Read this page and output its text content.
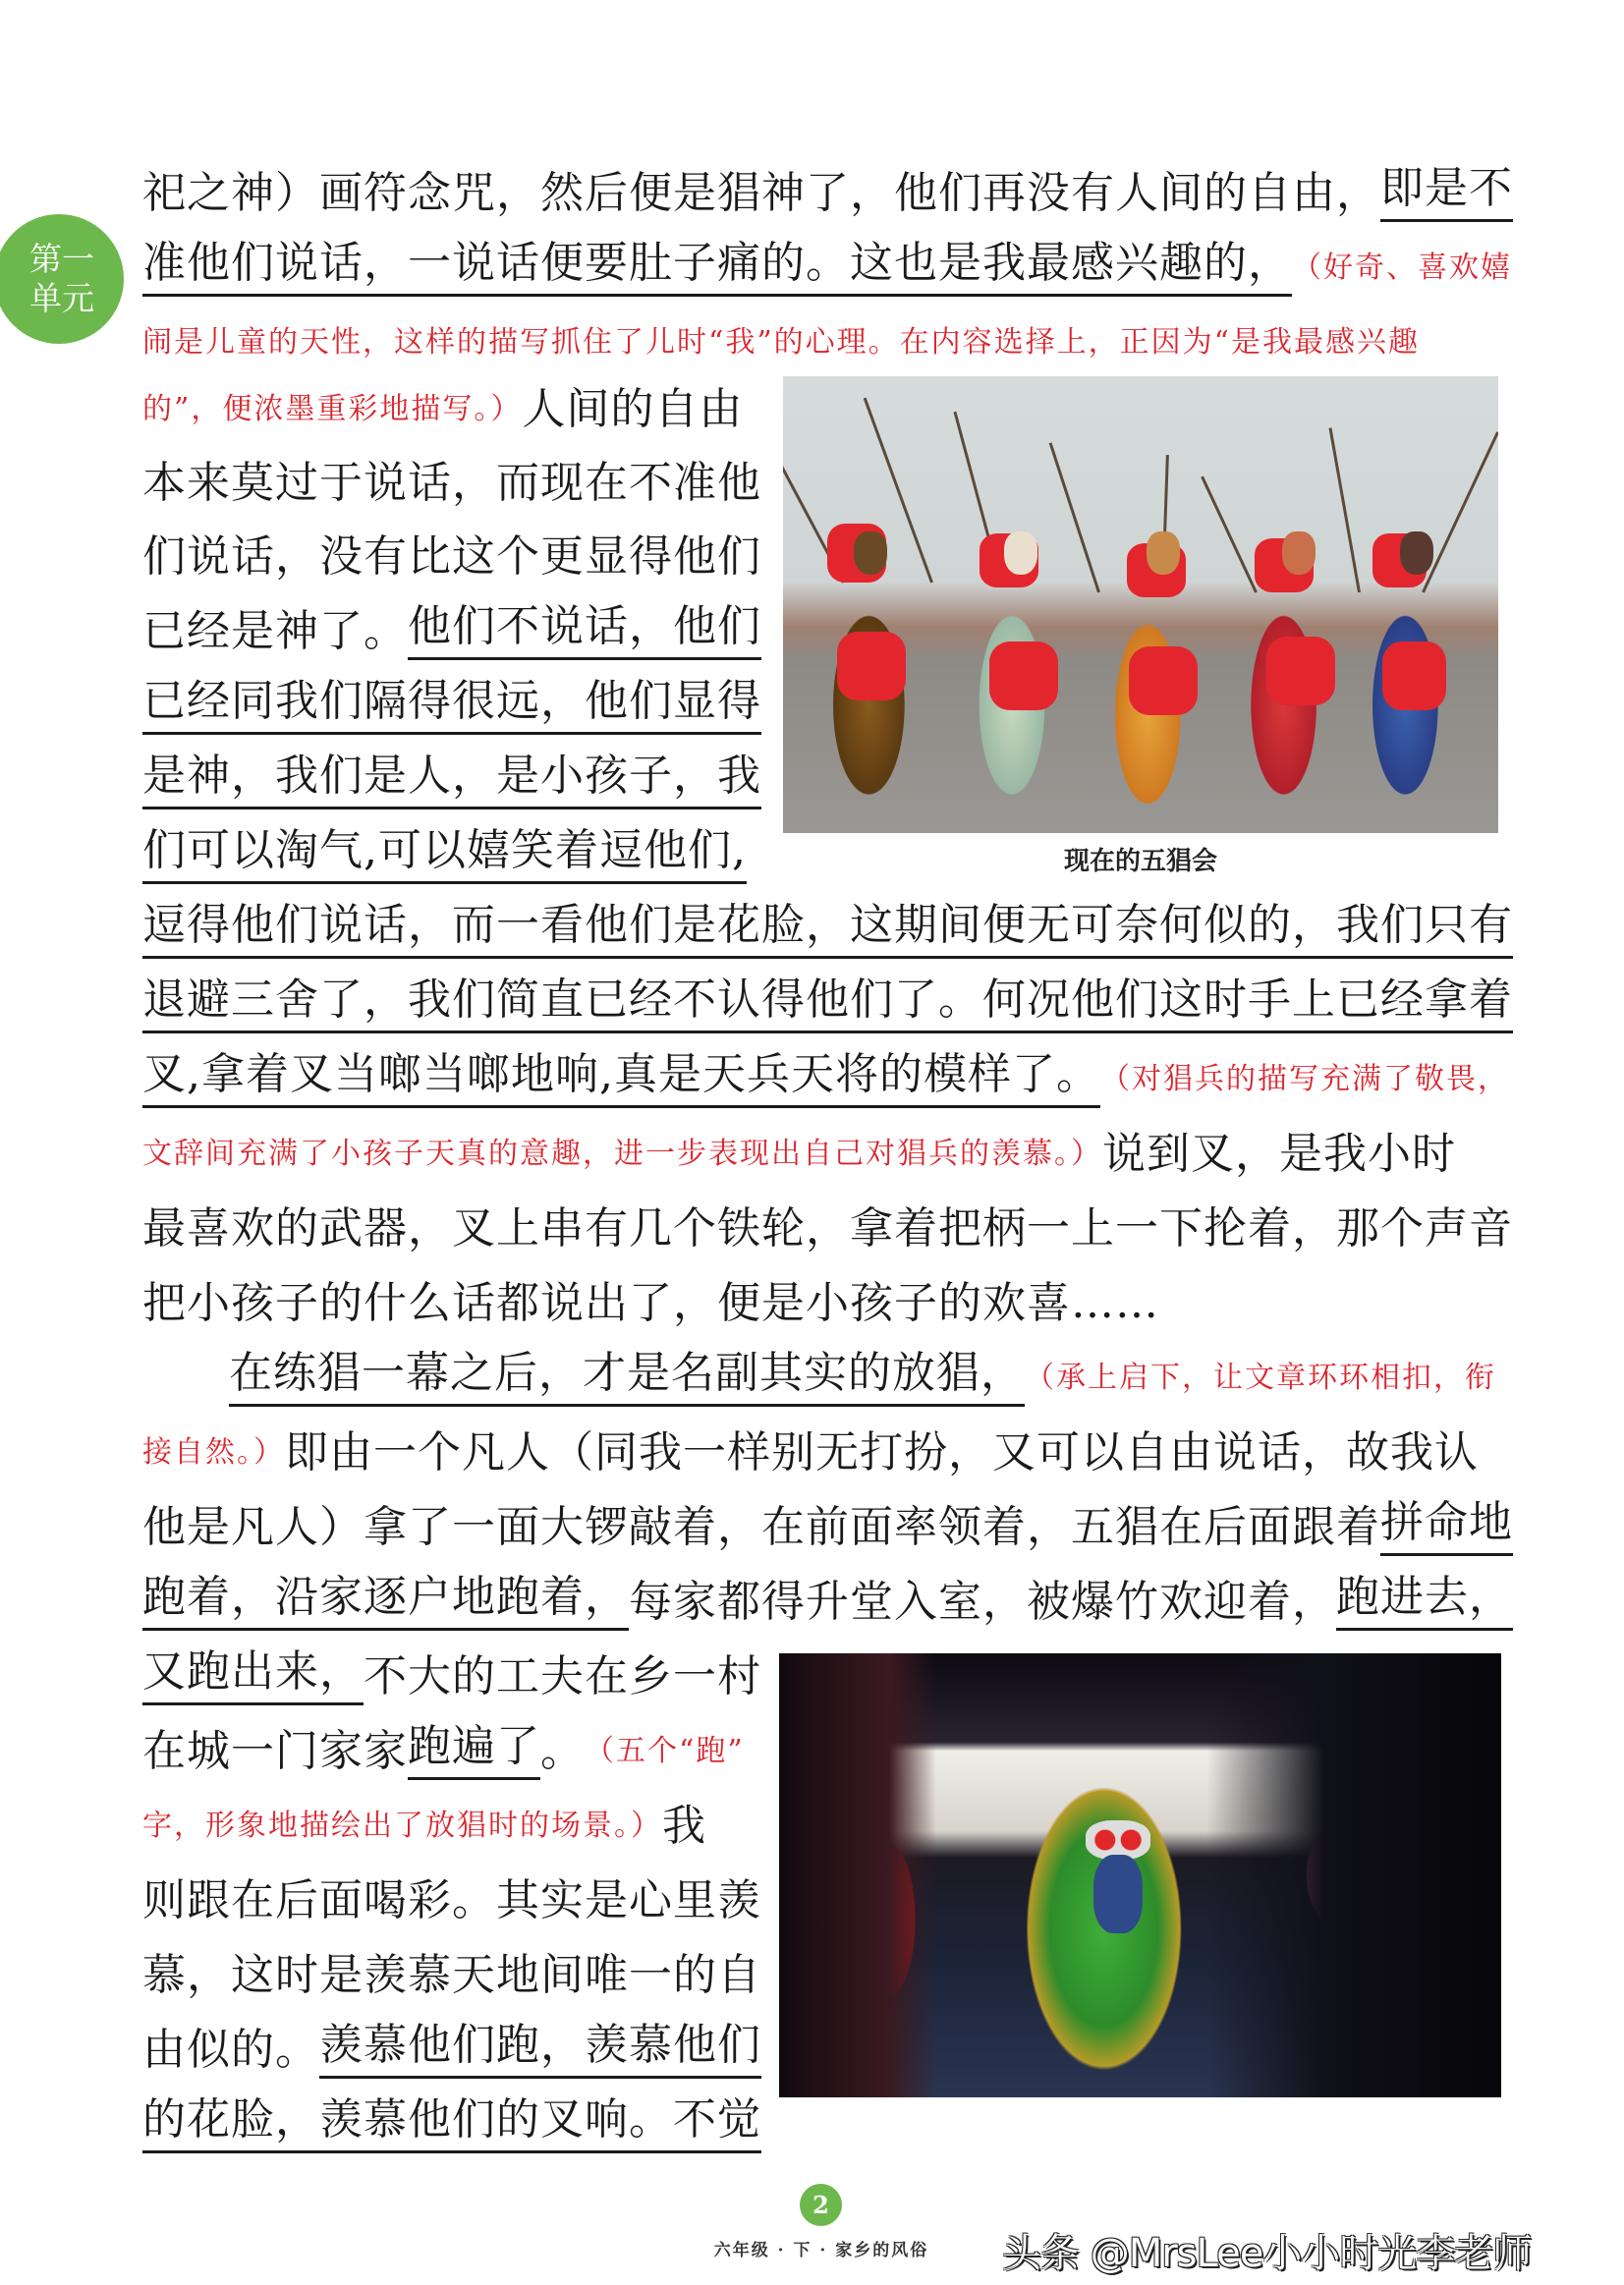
第一
单元
祀之神）画符念咒，然后便是猖神了，他们再没有人间的自由， 即是不
准他们说话，一说话便要肚子痛的。这也是我最感兴趣的， （好奇、喜欢嬉
闹是儿童的天性，这样的描写抓住了儿时“我”的心理。在内容选择上，正因为“是我最感兴趣
的”，便浓墨重彩地描写。） 人间的自由
本来莫过于说话，而现在不准他
们说话，没有比这个更显得他们
已经是神了。 他们不说话，他们
已经同我们隔得很远，他们显得
是神，我们是人，是小孩子，我
们可以淘气,可以嬉笑着逗他们,
逗得他们说话，而一看他们是花脸，这期间便无可奈何似的，我们只有
退避三舍了，我们简直已经不认得他们了。何况他们这时手上已经拿着
叉,拿着叉当啷当啷地响,真是天兵天将的模样了。 （对猖兵的描写充满了敬畏，
文辞间充满了小孩子天真的意趣，进一步表现出自己对猖兵的羡慕。） 说到叉，是我小时
最喜欢的武器，叉上串有几个铁轮，拿着把柄一上一下抡着，那个声音
把小孩子的什么话都说出了，便是小孩子的欢喜……
在练猖一幕之后，才是名副其实的放猖， （承上启下，让文章环环相扣，衔
接自然。） 即由一个凡人（同我一样别无打扮，又可以自由说话，故我认
他是凡人）拿了一面大锣敲着，在前面率领着，五猖在后面跟着 拼命地
跑着，沿家逐户地跑着， 每家都得升堂入室，被爆竹欢迎着， 跑进去，
又跑出来， 不大的工夫在乡一村
在城一门家家 跑遍了 。 （五个“跑”
字，形象地描绘出了放猖时的场景。） 我
则跟在后面喝彩。其实是心里羡
慕，这时是羡慕天地间唯一的自
由似的。 羡慕他们跑，羡慕他们
的花脸，羡慕他们的叉响。不觉
现在的五猖会
2
六年级 · 下 · 家乡的风俗	头条 @MrsLee小小时光李老师
